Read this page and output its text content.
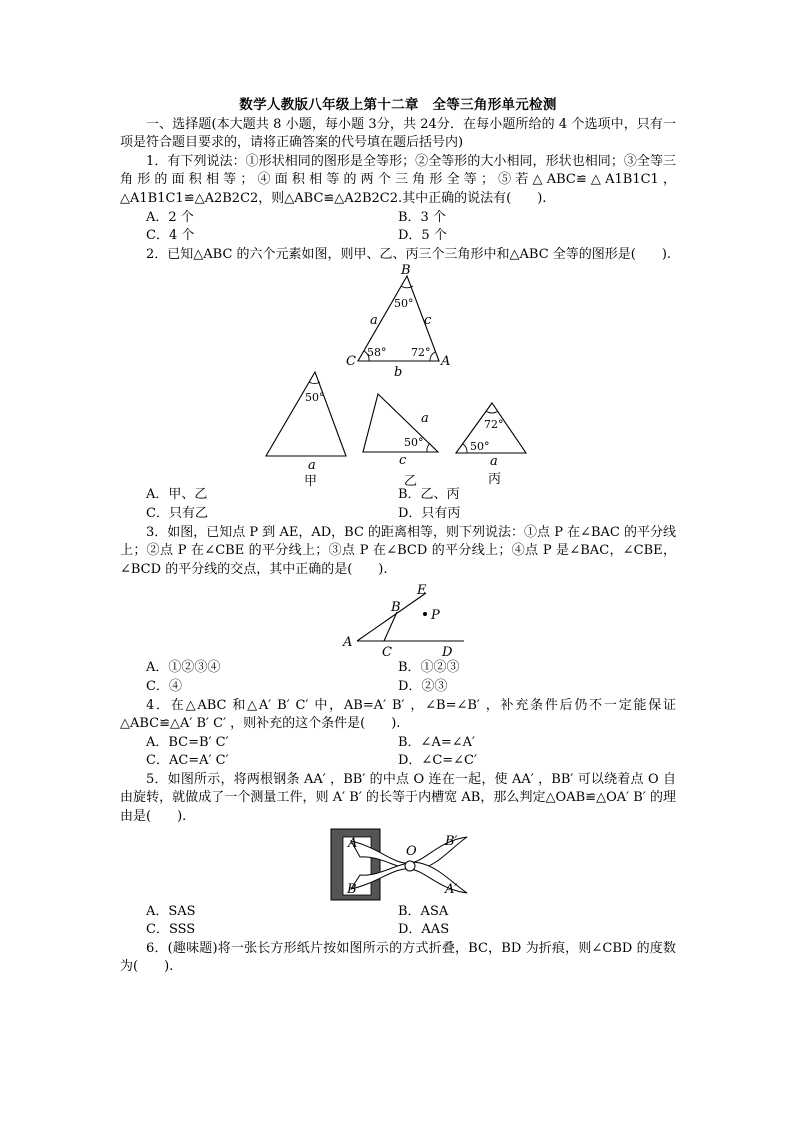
数学人教版八年级上第十二章　全等三角形单元检测

一、选择题(本大题共 8 小题，每小题 3分，共 24分．在每小题所给的 4 个选项中，只有一项是符合题目要求的，请将正确答案的代号填在题后括号内)

1．有下列说法：①形状相同的图形是全等形；②全等形的大小相同，形状也相同；③全等三角形的面积相等；④面积相等的两个三角形全等；⑤若△ABC≌△A1B1C1，△A1B1C1≌△A2B2C2，则△ABC≌△A2B2C2.其中正确的说法有(　　).

A．2 个	B．3 个
C．4 个	D．5 个

2．已知△ABC 的六个元素如图，则甲、乙、丙三个三角形中和△ABC 全等的图形是(　　).

B
C	A
a
b
c
50°
58° 72°
50°
a
甲
a
50°
c
乙
72°
50°
a
丙
A．甲、乙	B．乙、丙
C．只有乙	D．只有丙

3．如图，已知点 P 到 AE，AD，BC 的距离相等，则下列说法：①点 P 在∠BAC 的平分线上；②点 P 在∠CBE 的平分线上；③点 P 在∠BCD 的平分线上；④点 P 是∠BAC，∠CBE，∠BCD 的平分线的交点，其中正确的是(　　).

E
B
P
A
C	D
A．①②③④	B．①②③
C．④	D．②③

4．在△ABC 和△A′ B′ C′ 中，AB=A′ B′ ，∠B=∠B′ ，补充条件后仍不一定能保证△ABC≌△A′ B′ C′ ，则补充的这个条件是(　　).

A．BC=B′ C′	B．∠A=∠A′
C．AC=A′ C′	D．∠C=∠C′

5．如图所示，将两根钢条 AA′ ，BB′ 的中点 O 连在一起，使 AA′ ，BB′ 可以绕着点 O 自由旋转，就做成了一个测量工件，则 A′ B′ 的长等于内槽宽 AB，那么判定△OAB≌△OA′ B′ 的理由是(　　).

A
B
O
B′
A′
A．SAS	B．ASA
C．SSS	D．AAS

6．(趣味题)将一张长方形纸片按如图所示的方式折叠，BC，BD 为折痕，则∠CBD 的度数为(　　).
